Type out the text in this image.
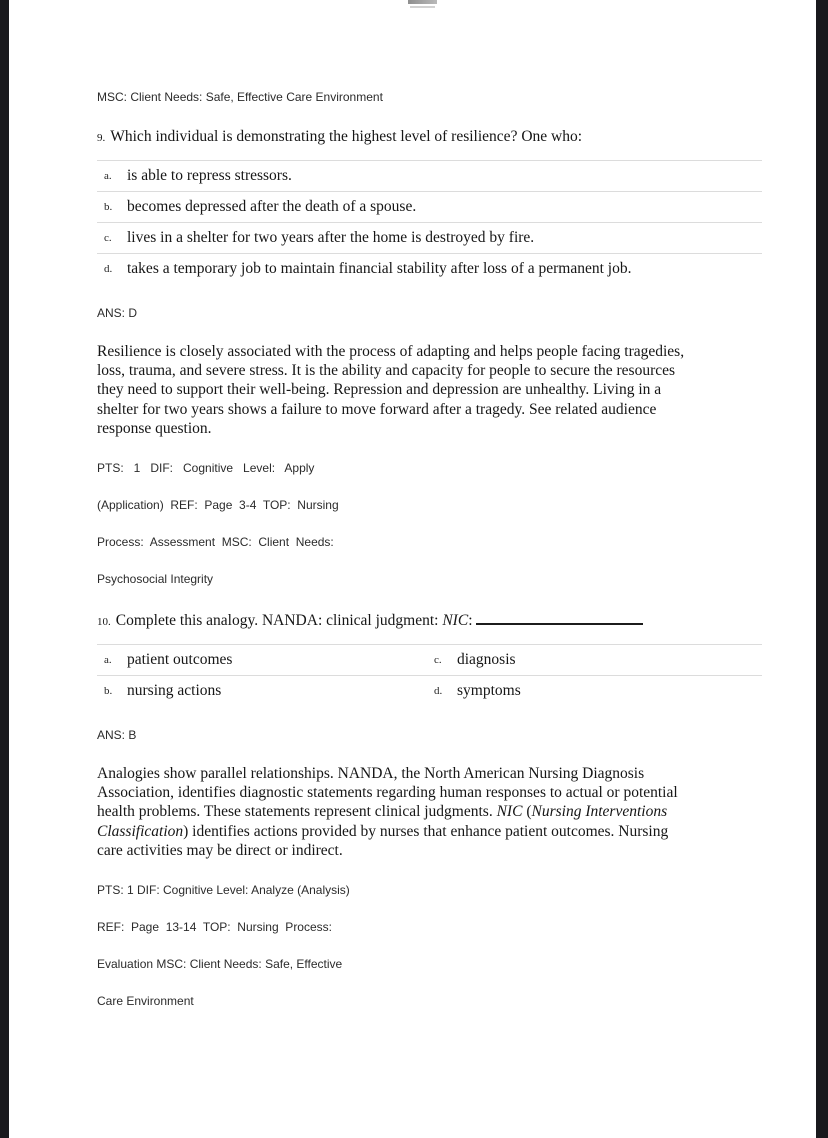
MSC: Client Needs: Safe, Effective Care Environment

9. Which individual is demonstrating the highest level of resilience? One who:

a. is able to repress stressors.
b. becomes depressed after the death of a spouse.
c. lives in a shelter for two years after the home is destroyed by fire.
d. takes a temporary job to maintain financial stability after loss of a permanent job.

ANS: D

Resilience is closely associated with the process of adapting and helps people facing tragedies, loss, trauma, and severe stress. It is the ability and capacity for people to secure the resources they need to support their well-being. Repression and depression are unhealthy. Living in a shelter for two years shows a failure to move forward after a tragedy. See related audience response question.

PTS:   1   DIF:   Cognitive   Level:   Apply

(Application)  REF:  Page  3-4  TOP:  Nursing

Process:  Assessment  MSC:  Client  Needs:

Psychosocial Integrity

10. Complete this analogy. NANDA: clinical judgment: NIC:

a. patient outcomes	c. diagnosis
b. nursing actions	d. symptoms

ANS: B

Analogies show parallel relationships. NANDA, the North American Nursing Diagnosis Association, identifies diagnostic statements regarding human responses to actual or potential health problems. These statements represent clinical judgments. NIC (Nursing Interventions Classification) identifies actions provided by nurses that enhance patient outcomes. Nursing care activities may be direct or indirect.

PTS: 1 DIF: Cognitive Level: Analyze (Analysis)

REF:  Page  13-14  TOP:  Nursing  Process:

Evaluation MSC: Client Needs: Safe, Effective

Care Environment
